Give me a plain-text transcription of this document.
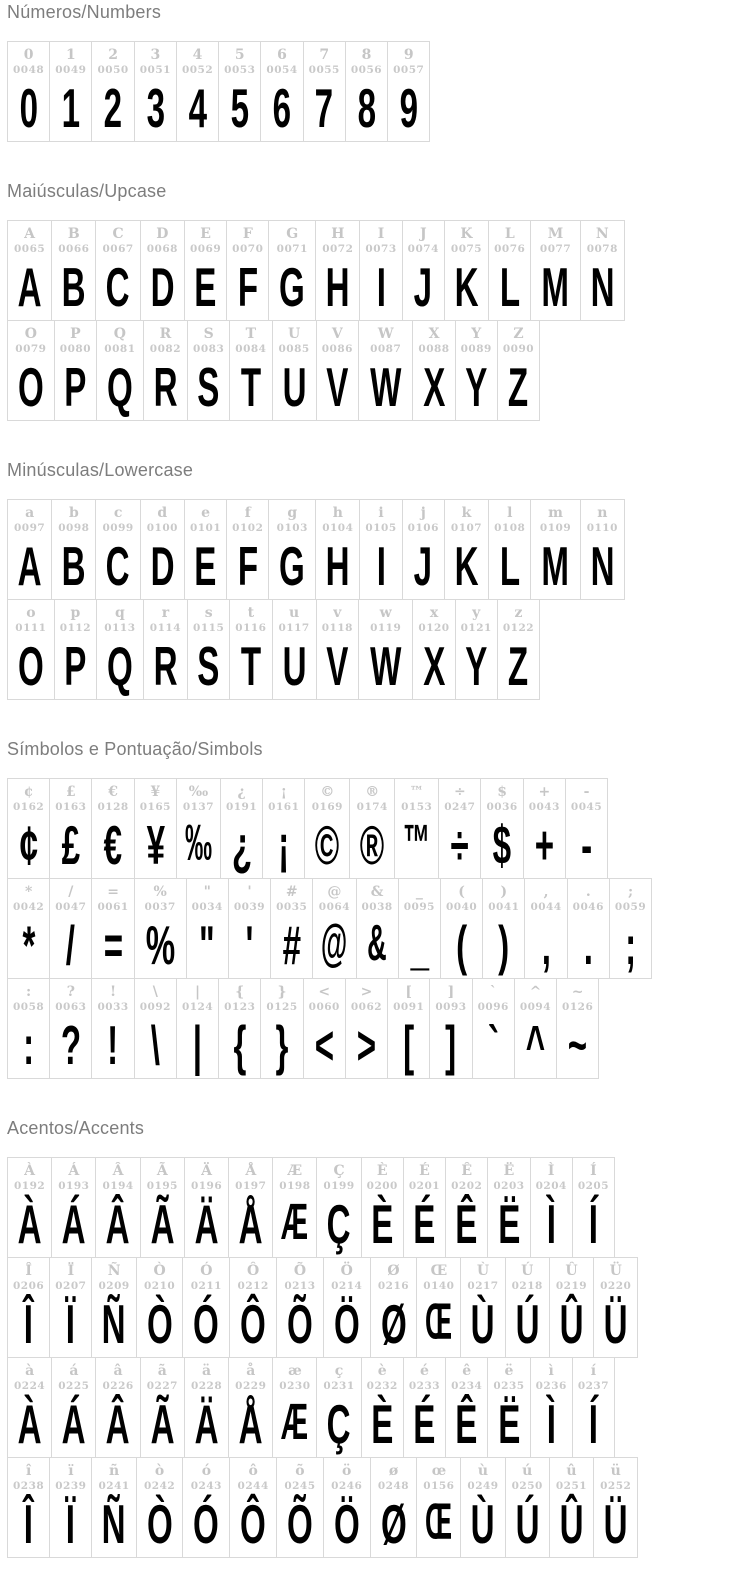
Números/Numbers
0
0048
0
1
0049
1
2
0050
2
3
0051
3
4
0052
4
5
0053
5
6
0054
6
7
0055
7
8
0056
8
9
0057
9
Maiúsculas/Upcase
A
0065
A
B
0066
B
C
0067
C
D
0068
D
E
0069
E
F
0070
F
G
0071
G
H
0072
H
I
0073
I
J
0074
J
K
0075
K
L
0076
L
M
0077
M
N
0078
N
O
0079
O
P
0080
P
Q
0081
Q
R
0082
R
S
0083
S
T
0084
T
U
0085
U
V
0086
V
W
0087
W
X
0088
X
Y
0089
Y
Z
0090
Z
Minúsculas/Lowercase
a
0097
A
b
0098
B
c
0099
C
d
0100
D
e
0101
E
f
0102
F
g
0103
G
h
0104
H
i
0105
I
j
0106
J
k
0107
K
l
0108
L
m
0109
M
n
0110
N
o
0111
O
p
0112
P
q
0113
Q
r
0114
R
s
0115
S
t
0116
T
u
0117
U
v
0118
V
w
0119
W
x
0120
X
y
0121
Y
z
0122
Z
Símbolos e Pontuação/Simbols
¢
0162
¢
£
0163
£
€
0128
€
¥
0165
¥
‰
0137
‰
¿
0191
¿
¡
0161
¡
©
0169
©
®
0174
®
™
0153
™
÷
0247
÷
$
0036
$
+
0043
+
-
0045
-
*
0042
*
/
0047
/
=
0061
=
%
0037
%
"
0034
"
'
0039
'
#
0035
#
@
0064
@
&
0038
&
_
0095
_
(
0040
(
)
0041
)
,
0044
,
.
0046
.
;
0059
;
:
0058
:
?
0063
?
!
0033
!
\
0092
\
|
0124
|
{
0123
{
}
0125
}
<
0060
<
>
0062
>
[
0091
[
]
0093
]
`
0096
`
^
0094
^
~
0126
~
Acentos/Accents
À
0192
À
Á
0193
Á
Â
0194
Â
Ã
0195
Ã
Ä
0196
Ä
Å
0197
Å
Æ
0198
Æ
Ç
0199
Ç
È
0200
È
É
0201
É
Ê
0202
Ê
Ë
0203
Ë
Ì
0204
Ì
Í
0205
Í
Î
0206
Î
Ï
0207
Ï
Ñ
0209
Ñ
Ò
0210
Ò
Ó
0211
Ó
Ô
0212
Ô
Õ
0213
Õ
Ö
0214
Ö
Ø
0216
Ø
Œ
0140
Œ
Ù
0217
Ù
Ú
0218
Ú
Û
0219
Û
Ü
0220
Ü
à
0224
À
á
0225
Á
â
0226
Â
ã
0227
Ã
ä
0228
Ä
å
0229
Å
æ
0230
Æ
ç
0231
Ç
è
0232
È
é
0233
É
ê
0234
Ê
ë
0235
Ë
ì
0236
Ì
í
0237
Í
î
0238
Î
ï
0239
Ï
ñ
0241
Ñ
ò
0242
Ò
ó
0243
Ó
ô
0244
Ô
õ
0245
Õ
ö
0246
Ö
ø
0248
Ø
œ
0156
Œ
ù
0249
Ù
ú
0250
Ú
û
0251
Û
ü
0252
Ü
